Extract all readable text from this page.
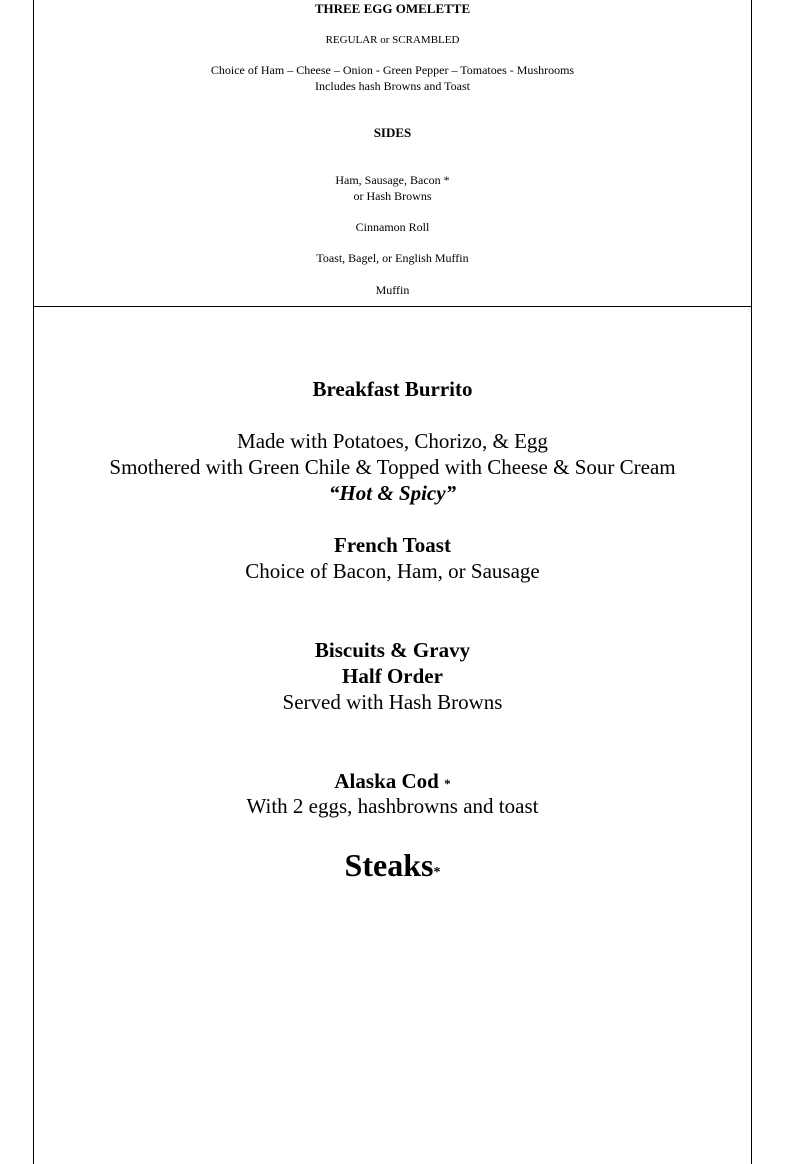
THREE EGG OMELETTE
REGULAR or SCRAMBLED
Choice of Ham – Cheese – Onion - Green Pepper – Tomatoes - Mushrooms
Includes hash Browns and Toast
SIDES
Ham, Sausage, Bacon *
or Hash Browns
Cinnamon Roll
Toast, Bagel, or English Muffin
Muffin
Breakfast Burrito
Made with Potatoes, Chorizo, & Egg
Smothered with Green Chile & Topped with Cheese & Sour Cream
“Hot & Spicy”
French Toast
Choice of Bacon, Ham, or Sausage
Biscuits & Gravy
Half Order
Served with Hash Browns
Alaska Cod *
With 2 eggs, hashbrowns and toast
Steaks*
